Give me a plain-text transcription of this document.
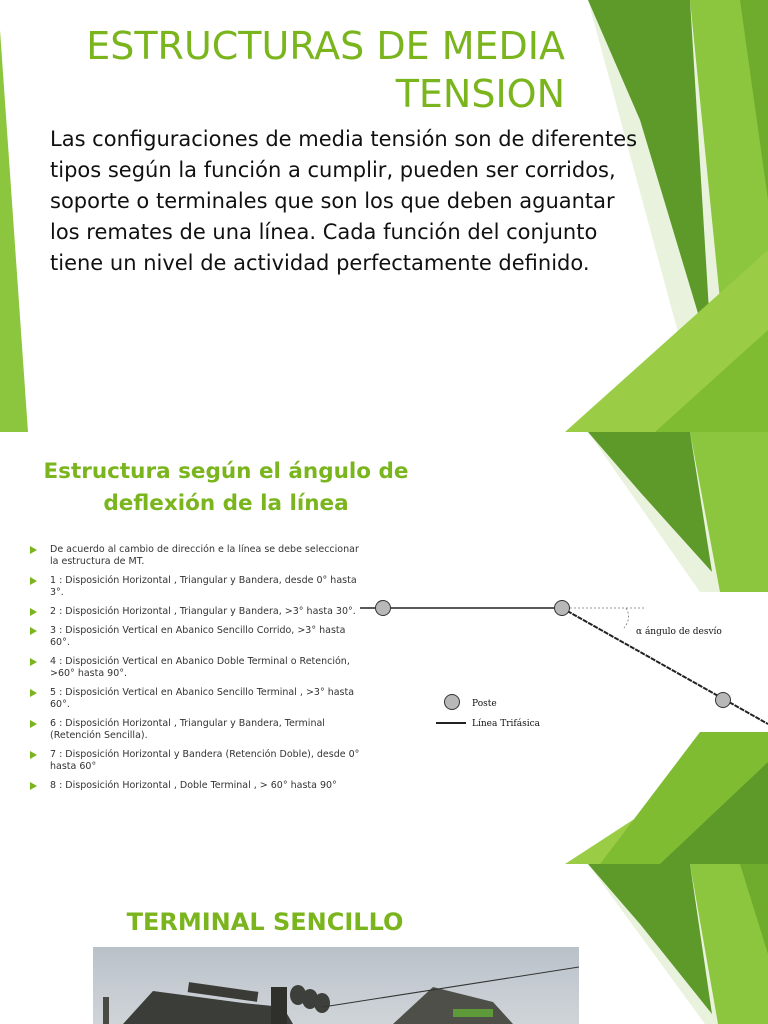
ESTRUCTURAS DE MEDIA
TENSION

Las configuraciones de media tensión son de diferentes tipos según la función a cumplir, pueden ser corridos, soporte o terminales que son los que deben aguantar los remates de una línea. Cada función del conjunto tiene un nivel de actividad perfectamente definido.

Estructura según el ángulo de deflexión de la línea
De acuerdo al cambio de dirección e la línea se debe seleccionar la estructura de MT.
1 : Disposición Horizontal , Triangular y Bandera, desde 0° hasta 3°.
2 : Disposición Horizontal , Triangular y Bandera, >3° hasta 30°.
3 : Disposición Vertical en Abanico Sencillo Corrido, >3° hasta 60°.
4 : Disposición Vertical en Abanico Doble Terminal o Retención, >60° hasta 90°.
5 : Disposición Vertical en Abanico Sencillo Terminal , >3° hasta 60°.
6 : Disposición Horizontal , Triangular y Bandera, Terminal (Retención Sencilla).
7 : Disposición Horizontal y Bandera (Retención Doble), desde 0° hasta 60°
8 : Disposición Horizontal , Doble Terminal , > 60° hasta 90°
α ángulo de desvío
Poste
Línea Trifásica
TERMINAL SENCILLO
